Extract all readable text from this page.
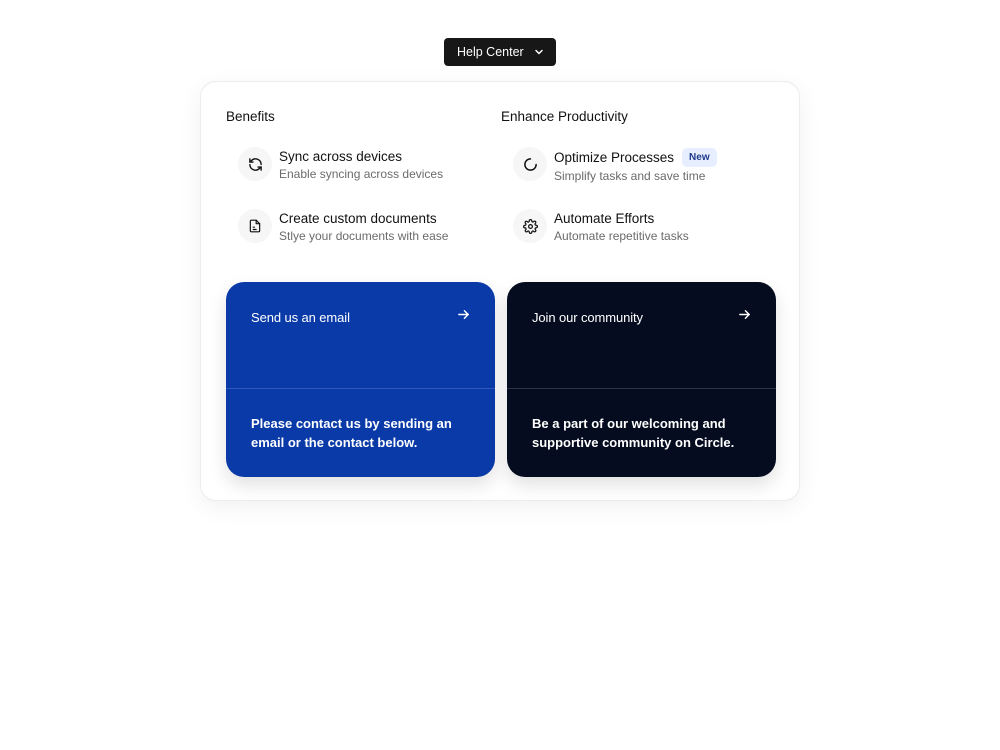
Help Center
Benefits
Sync across devices
Enable syncing across devices
Create custom documents
Stlye your documents with ease
Enhance Productivity
Optimize Processes	New
Simplify tasks and save time
Automate Efforts
Automate repetitive tasks
Send us an email
Please contact us by sending an email or the contact below.
Join our community
Be a part of our welcoming and supportive community on Circle.
